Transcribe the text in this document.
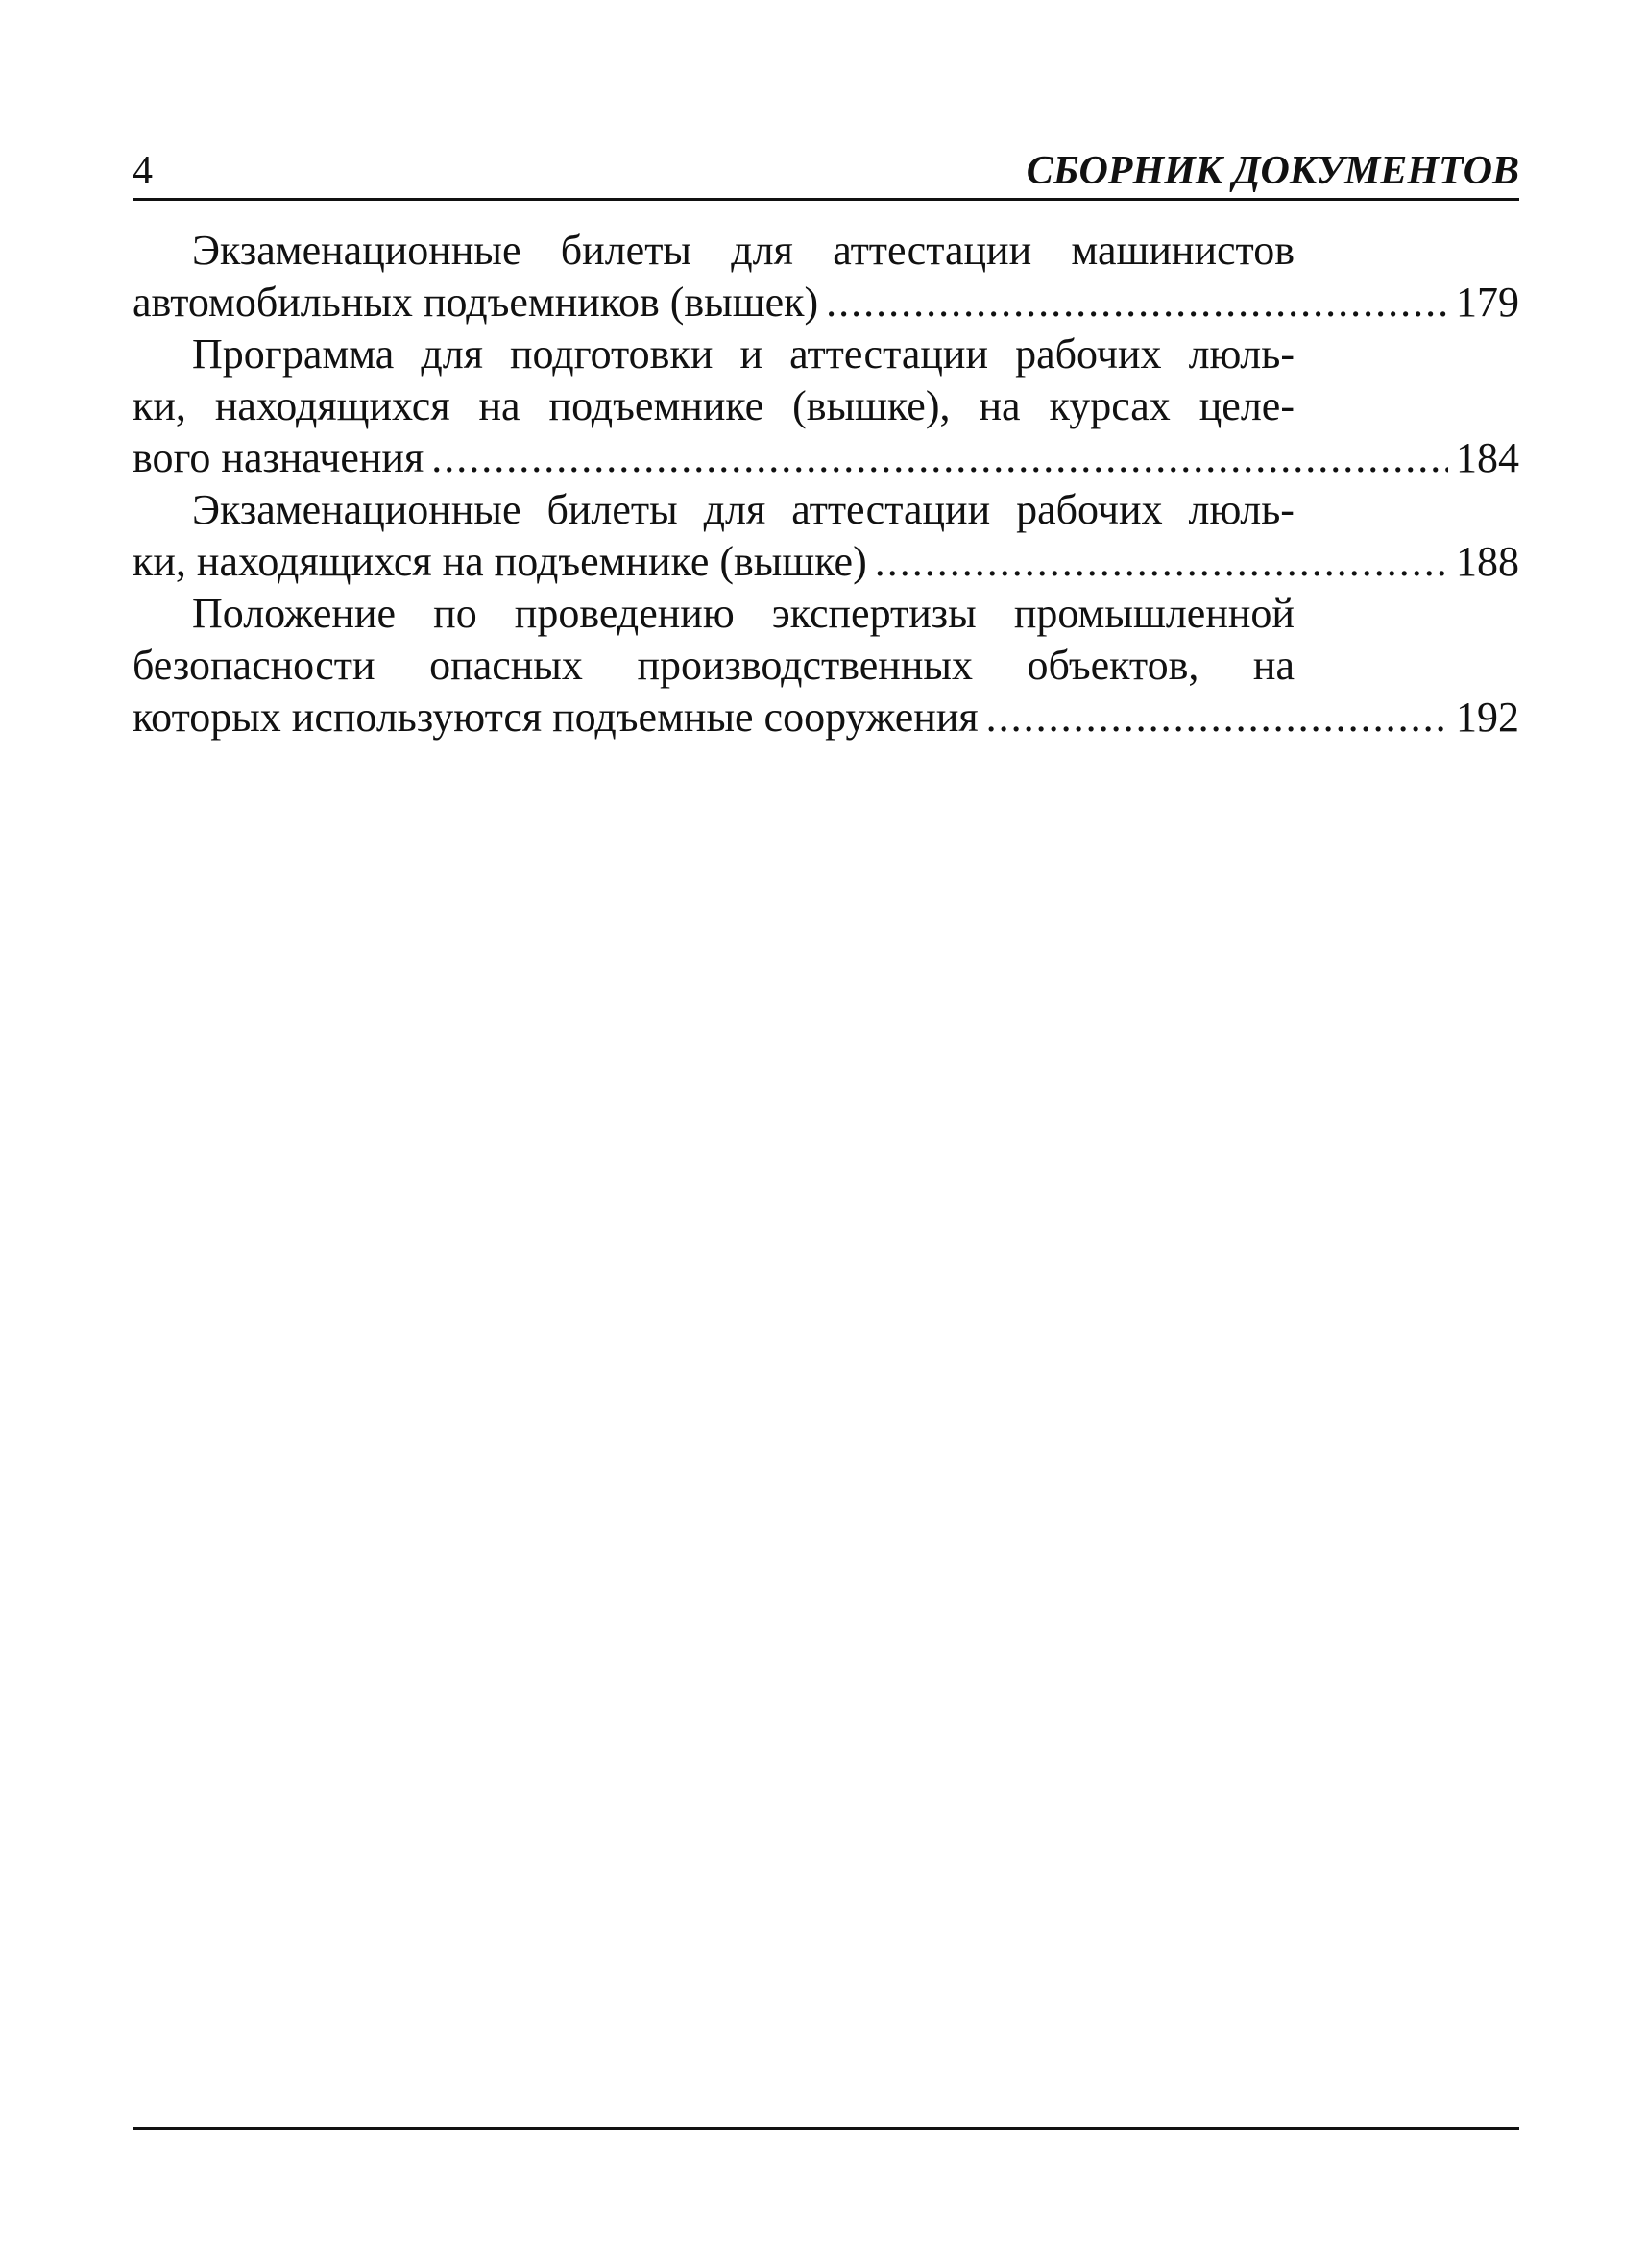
4	СБОРНИК ДОКУМЕНТОВ
Экзаменационные билеты для аттестации машинистов
автомобильных подъемников (вышек) .....	179
Программа для подготовки и аттестации рабочих люль-
ки, находящихся на подъемнике (вышке), на курсах целе-
вого назначения .....	184
Экзаменационные билеты для аттестации рабочих люль-
ки, находящихся на подъемнике (вышке) .....	188
Положение по проведению экспертизы промышленной
безопасности опасных производственных объектов, на
которых используются подъемные сооружения .....	192
